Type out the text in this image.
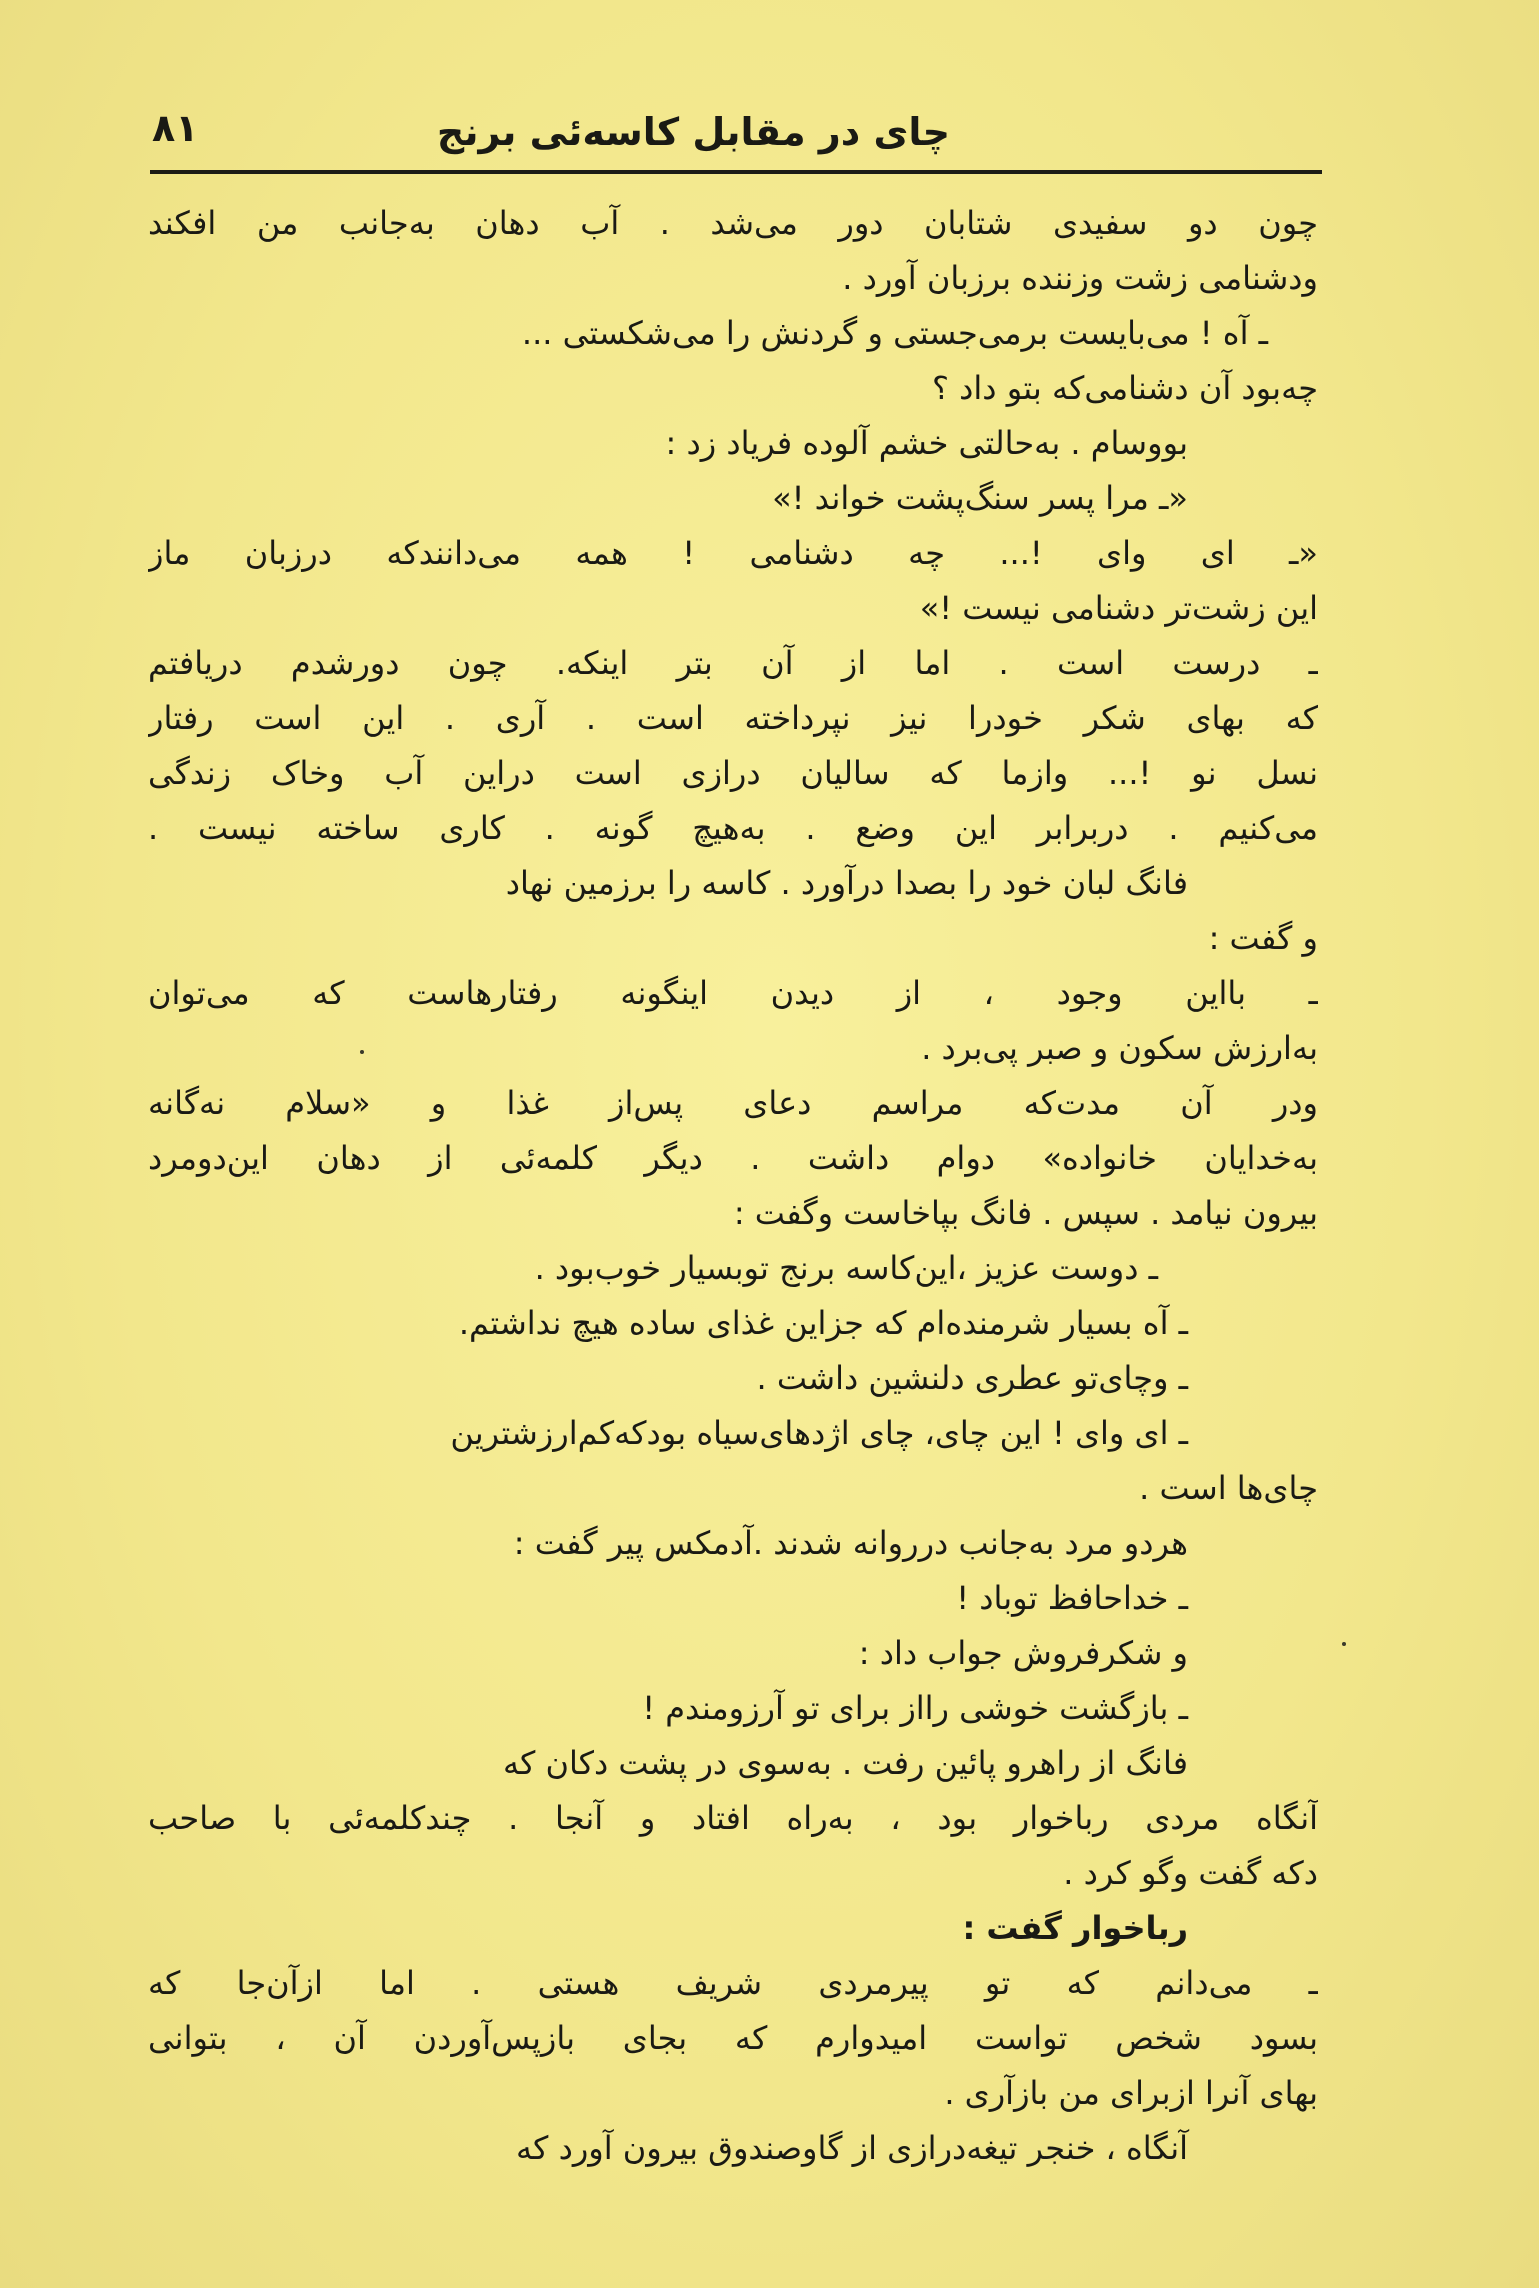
چای در مقابل کاسه‌ئی برنج
۸۱
چون دو سفیدی شتابان دور می‌شد . آب دهان به‌جانب من افکند
ودشنامی زشت وزننده برزبان آورد .
ـ آه ! می‌بایست برمی‌جستی و گردنش را می‌شکستی ...
چه‌بود آن دشنامی‌که بتو داد ؟
بووسام . به‌حالتی خشم آلوده فریاد زد :
«ـ مرا پسر سنگ‌پشت خواند !»
«ـ ای وای !... چه دشنامی ! همه می‌دانندکه درزبان ماز
این زشت‌تر دشنامی نیست !»
ـ درست است . اما از آن بتر اینکه. چون دورشدم دریافتم
که بهای شکر خودرا نیز نپرداخته است . آری . این است رفتار
نسل نو !... وازما که سالیان درازی است دراین آب وخاک زندگی
می‌کنیم . دربرابر این وضع . به‌هیچ گونه . کاری ساخته نیست .
فانگ لبان خود را بصدا درآورد . کاسه را برزمین نهاد
و گفت :
ـ بااین وجود ، از دیدن اینگونه رفتارهاست که می‌توان
به‌ارزش سکون و صبر پی‌برد .
ودر آن مدت‌که مراسم دعای پس‌از غذا و «سلام نه‌گانه
به‌خدایان خانواده» دوام داشت . دیگر کلمه‌ئی از دهان این‌دومرد
بیرون نیامد . سپس . فانگ بپاخاست وگفت :
ـ دوست عزیز ،این‌کاسه برنج توبسیار خوب‌بود .
ـ آه بسیار شرمنده‌ام که جزاین غذای ساده هیچ نداشتم.
ـ وچای‌تو عطری دلنشین داشت .
ـ ای وای ! این چای، چای اژدهای‌سیاه بودکه‌کم‌ارزشترین
چای‌ها است .
هردو مرد به‌جانب درروانه شدند .آدمکس پیر گفت :
ـ خداحافظ توباد !
و شکرفروش جواب داد :
ـ بازگشت خوشی رااز برای تو آرزومندم !
فانگ از راهرو پائین رفت . به‌سوی در پشت دکان که
آنگاه مردی رباخوار بود ، به‌راه افتاد و آنجا . چندکلمه‌ئی با صاحب
دکه گفت وگو کرد .
رباخوار گفت :
ـ می‌دانم که تو پیرمردی شریف هستی . اما ازآن‌جا که
بسود شخص تواست امیدوارم که بجای بازپس‌آوردن آن ، بتوانی
بهای آنرا ازبرای من بازآری .
آنگاه ، خنجر تیغه‌درازی از گاوصندوق بیرون آورد که
